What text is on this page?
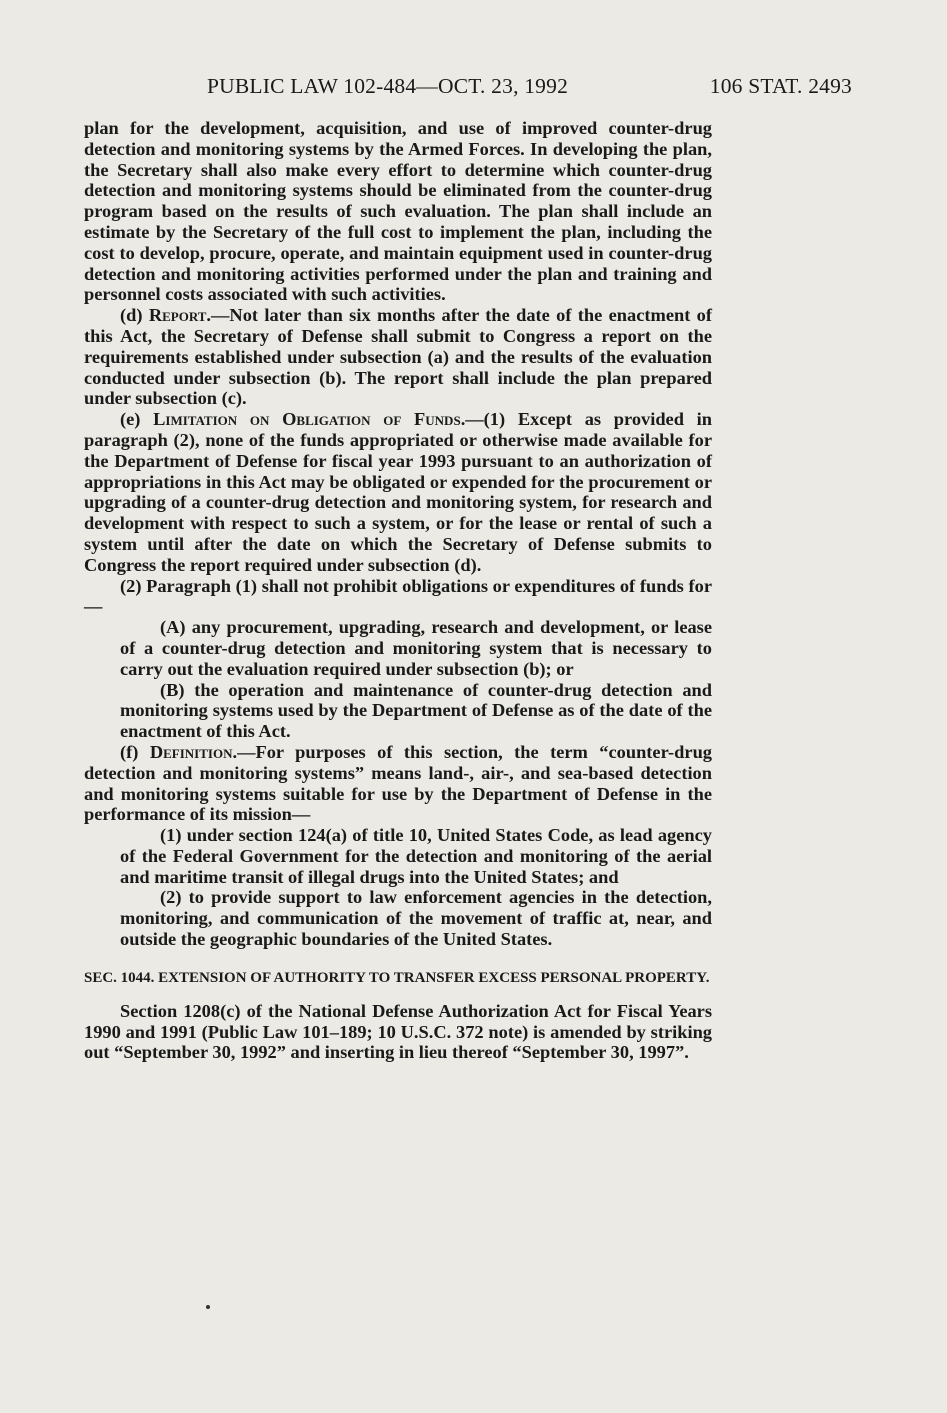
PUBLIC LAW 102-484—OCT. 23, 1992	106 STAT. 2493

plan for the development, acquisition, and use of improved counter-drug detection and monitoring systems by the Armed Forces. In developing the plan, the Secretary shall also make every effort to determine which counter-drug detection and monitoring systems should be eliminated from the counter-drug program based on the results of such evaluation. The plan shall include an estimate by the Secretary of the full cost to implement the plan, including the cost to develop, procure, operate, and maintain equipment used in counter-drug detection and monitoring activities performed under the plan and training and personnel costs associated with such activities.

(d) Report.—Not later than six months after the date of the enactment of this Act, the Secretary of Defense shall submit to Congress a report on the requirements established under subsection (a) and the results of the evaluation conducted under subsection (b). The report shall include the plan prepared under subsection (c).

(e) Limitation on Obligation of Funds.—(1) Except as provided in paragraph (2), none of the funds appropriated or otherwise made available for the Department of Defense for fiscal year 1993 pursuant to an authorization of appropriations in this Act may be obligated or expended for the procurement or upgrading of a counter-drug detection and monitoring system, for research and development with respect to such a system, or for the lease or rental of such a system until after the date on which the Secretary of Defense submits to Congress the report required under subsection (d).

(2) Paragraph (1) shall not prohibit obligations or expenditures of funds for—

(A) any procurement, upgrading, research and development, or lease of a counter-drug detection and monitoring system that is necessary to carry out the evaluation required under subsection (b); or

(B) the operation and maintenance of counter-drug detection and monitoring systems used by the Department of Defense as of the date of the enactment of this Act.

(f) Definition.—For purposes of this section, the term “counter-drug detection and monitoring systems” means land-, air-, and sea-based detection and monitoring systems suitable for use by the Department of Defense in the performance of its mission—

(1) under section 124(a) of title 10, United States Code, as lead agency of the Federal Government for the detection and monitoring of the aerial and maritime transit of illegal drugs into the United States; and

(2) to provide support to law enforcement agencies in the detection, monitoring, and communication of the movement of traffic at, near, and outside the geographic boundaries of the United States.

SEC. 1044. EXTENSION OF AUTHORITY TO TRANSFER EXCESS PERSONAL PROPERTY.

Section 1208(c) of the National Defense Authorization Act for Fiscal Years 1990 and 1991 (Public Law 101–189; 10 U.S.C. 372 note) is amended by striking out “September 30, 1992” and inserting in lieu thereof “September 30, 1997”.
